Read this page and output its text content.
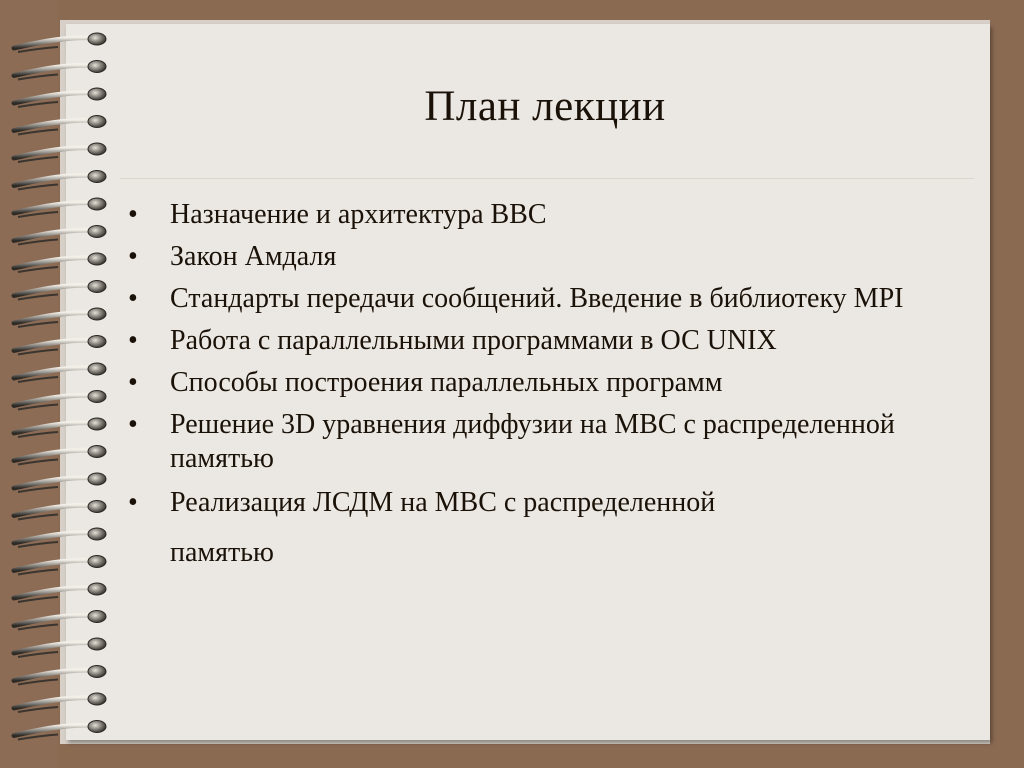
План лекции
• Назначение и архитектура ВВС
• Закон Амдаля
• Стандарты передачи сообщений. Введение в библиотеку MPI
• Работа с параллельными программами в ОС UNIX
• Способы построения параллельных программ
• Решение 3D уравнения диффузии на МВС с распределенной памятью
• Реализация ЛСДМ на МВС с распределенной
памятью
